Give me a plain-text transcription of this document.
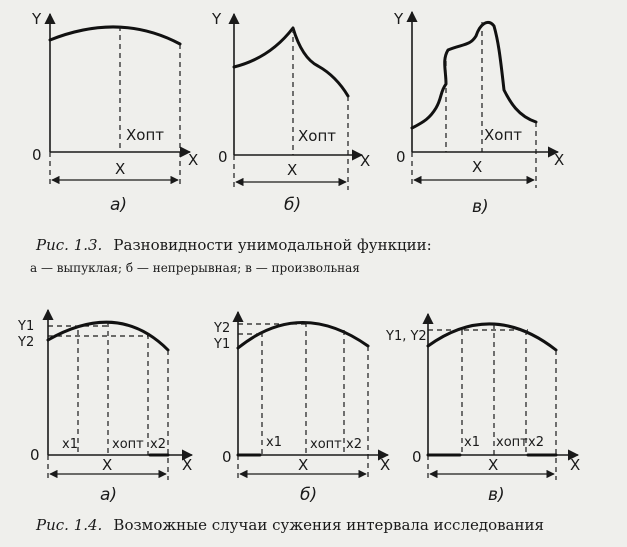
Y
0	X
X
Xопт
а)
Y
0	X
X
Xопт
б)
Y
0	X
X
Xопт
в)
Рис. 1.3. Разновидности унимодальной функции:
а — выпуклая; б — непрерывная; в — произвольная
Y1
Y2
0
X
X
x1	xопт x2
а)
Y2
Y1
0	X
X
x1 xопт x2
б)
Y1, Y2
0	X
X
x1 xопт x2
в)
Рис. 1.4. Возможные случаи сужения интервала исследования
